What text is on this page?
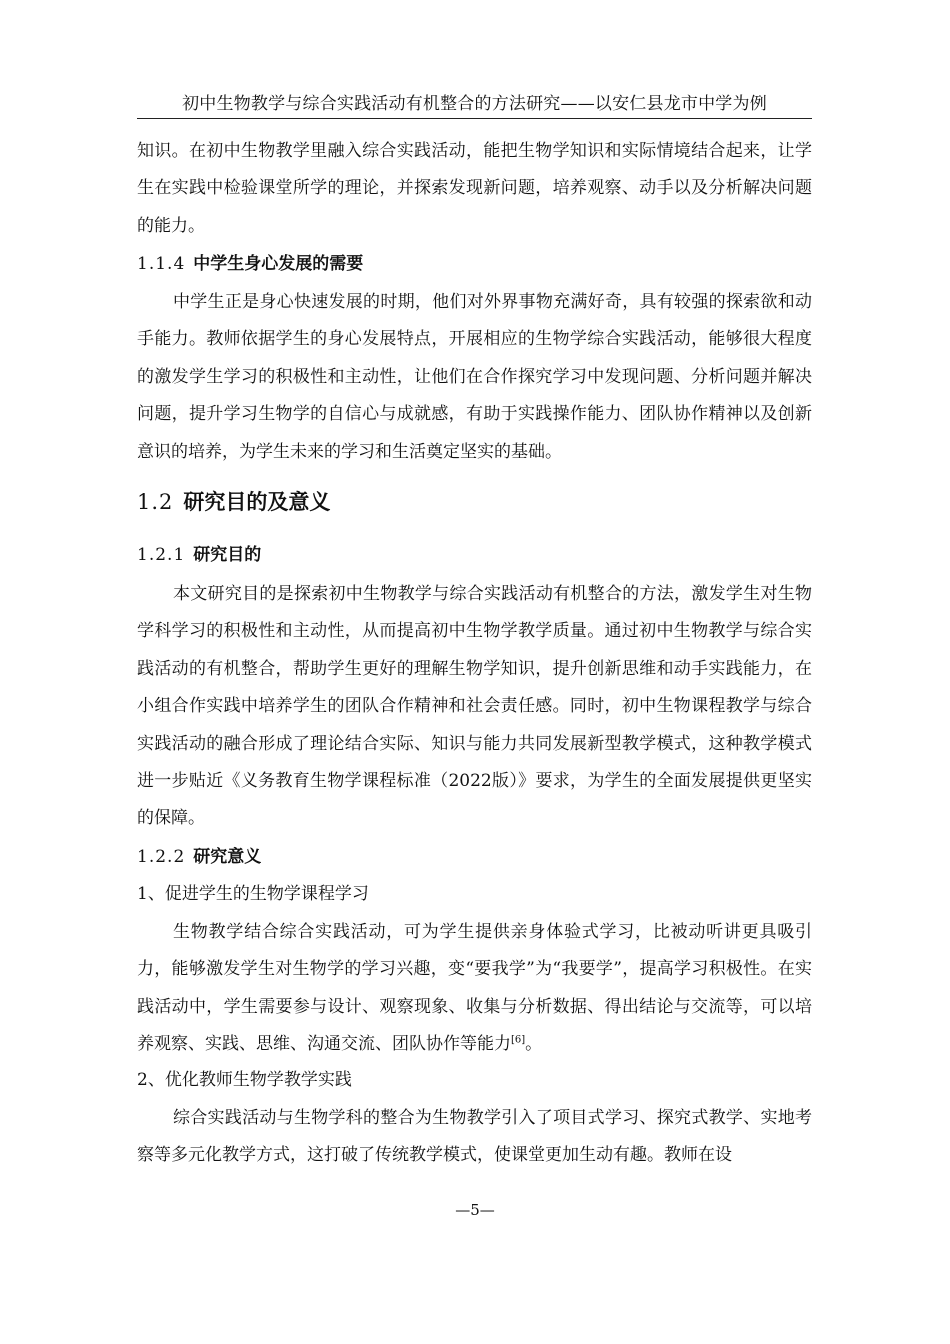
初中生物教学与综合实践活动有机整合的方法研究——以安仁县龙市中学为例
知识。在初中生物教学里融入综合实践活动，能把生物学知识和实际情境结合起来，让学生在实践中检验课堂所学的理论，并探索发现新问题，培养观察、动手以及分析解决问题的能力。
1.1.4 中学生身心发展的需要
中学生正是身心快速发展的时期，他们对外界事物充满好奇，具有较强的探索欲和动手能力。教师依据学生的身心发展特点，开展相应的生物学综合实践活动，能够很大程度的激发学生学习的积极性和主动性，让他们在合作探究学习中发现问题、分析问题并解决问题，提升学习生物学的自信心与成就感，有助于实践操作能力、团队协作精神以及创新意识的培养，为学生未来的学习和生活奠定坚实的基础。
1.2 研究目的及意义
1.2.1 研究目的
本文研究目的是探索初中生物教学与综合实践活动有机整合的方法，激发学生对生物学科学习的积极性和主动性，从而提高初中生物学教学质量。通过初中生物教学与综合实践活动的有机整合，帮助学生更好的理解生物学知识，提升创新思维和动手实践能力，在小组合作实践中培养学生的团队合作精神和社会责任感。同时，初中生物课程教学与综合实践活动的融合形成了理论结合实际、知识与能力共同发展新型教学模式，这种教学模式进一步贴近《义务教育生物学课程标准（2022版）》要求，为学生的全面发展提供更坚实的保障。
1.2.2 研究意义
1、促进学生的生物学课程学习
生物教学结合综合实践活动，可为学生提供亲身体验式学习，比被动听讲更具吸引力，能够激发学生对生物学的学习兴趣，变“要我学”为“我要学”，提高学习积极性。在实践活动中，学生需要参与设计、观察现象、收集与分析数据、得出结论与交流等，可以培养观察、实践、思维、沟通交流、团队协作等能力[6]。
2、优化教师生物学教学实践
综合实践活动与生物学科的整合为生物教学引入了项目式学习、探究式教学、实地考察等多元化教学方式，这打破了传统教学模式，使课堂更加生动有趣。教师在设
—5—
